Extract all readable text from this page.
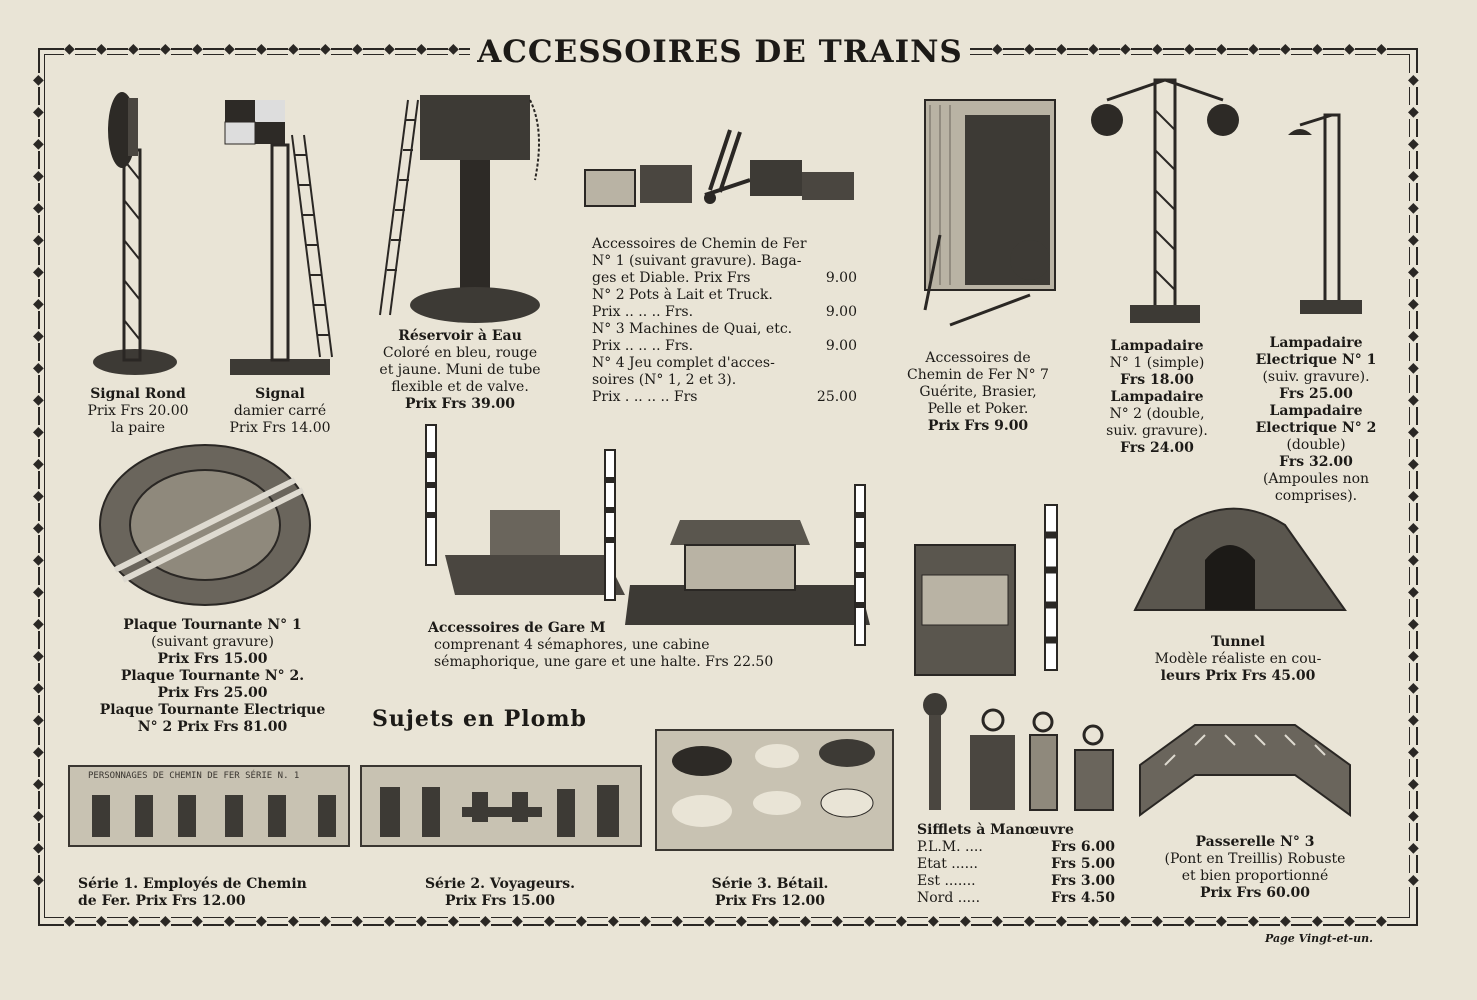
◆
◆
◆
◆
◆
◆
◆
◆
◆
◆
◆
◆
◆
◆
◆
◆
◆
◆
◆
◆
◆
◆
◆
◆
◆
◆ ◆ ◆ ◆ ◆ ◆ ◆ ◆ ◆ ◆ ◆ ◆ ◆ ◆ ◆ ◆ ◆
◆
◆
◆
◆
◆
◆
◆
◆
◆
◆
◆
◆
◆
◆
◆
◆
◆
◆
◆
◆
◆
◆
◆
◆
◆
◆
◆	◆
◆	◆
◆	◆
◆	◆
◆	◆
◆	◆
◆	◆
◆	◆
◆	◆
◆	◆
◆	◆
◆	◆
◆	◆
◆	◆
◆	◆
◆	◆
◆	◆
◆	◆
◆	◆
◆	◆
◆	◆
◆	◆
◆	◆
◆	◆
◆	◆
◆	◆
ACCESSOIRES DE TRAINS
PERSONNAGES DE CHEMIN DE FER SÉRIE N. 1
Signal Rond
Prix Frs 20.00
la paire
Signal
damier carré
Prix Frs 14.00
Réservoir à Eau
Coloré en bleu, rouge
et jaune. Muni de tube
flexible et de valve.
Prix Frs 39.00
Accessoires de Chemin de Fer
N° 1 (suivant gravure). Baga-
ges et Diable. Prix Frs	9.00
N° 2 Pots à Lait et Truck.
Prix .. .. .. Frs.	9.00
N° 3 Machines de Quai, etc.
Prix .. .. .. Frs.	9.00
N° 4 Jeu complet d'acces-
soires (N° 1, 2 et 3).
Prix . .. .. .. Frs	25.00
Accessoires de
Chemin de Fer N° 7
Guérite, Brasier,
Pelle et Poker.
Prix Frs 9.00
Lampadaire
N° 1 (simple)
Frs 18.00
Lampadaire
N° 2 (double,
suiv. gravure).
Frs 24.00
Lampadaire
Electrique N° 1
(suiv. gravure).
Frs 25.00
Lampadaire
Electrique N° 2
(double)
Frs 32.00
(Ampoules non
comprises).
Plaque Tournante N° 1
(suivant gravure)
Prix Frs 15.00
Plaque Tournante N° 2.
Prix Frs 25.00
Plaque Tournante Electrique
N° 2 Prix Frs 81.00
Accessoires de Gare M
comprenant 4 sémaphores, une cabine
sémaphorique, une gare et une halte. Frs 22.50
Tunnel
Modèle réaliste en cou-
leurs Prix Frs 45.00
Sujets en Plomb
Série 1. Employés de Chemin
de Fer. Prix Frs 12.00
Série 2. Voyageurs.
Prix Frs 15.00
Série 3. Bétail.
Prix Frs 12.00
Sifflets à Manœuvre
P.L.M. ....	Frs 6.00
Etat ......	Frs 5.00
Est .......	Frs 3.00
Nord .....	Frs 4.50
Passerelle N° 3
(Pont en Treillis) Robuste
et bien proportionné
Prix Frs 60.00
Page Vingt-et-un.
